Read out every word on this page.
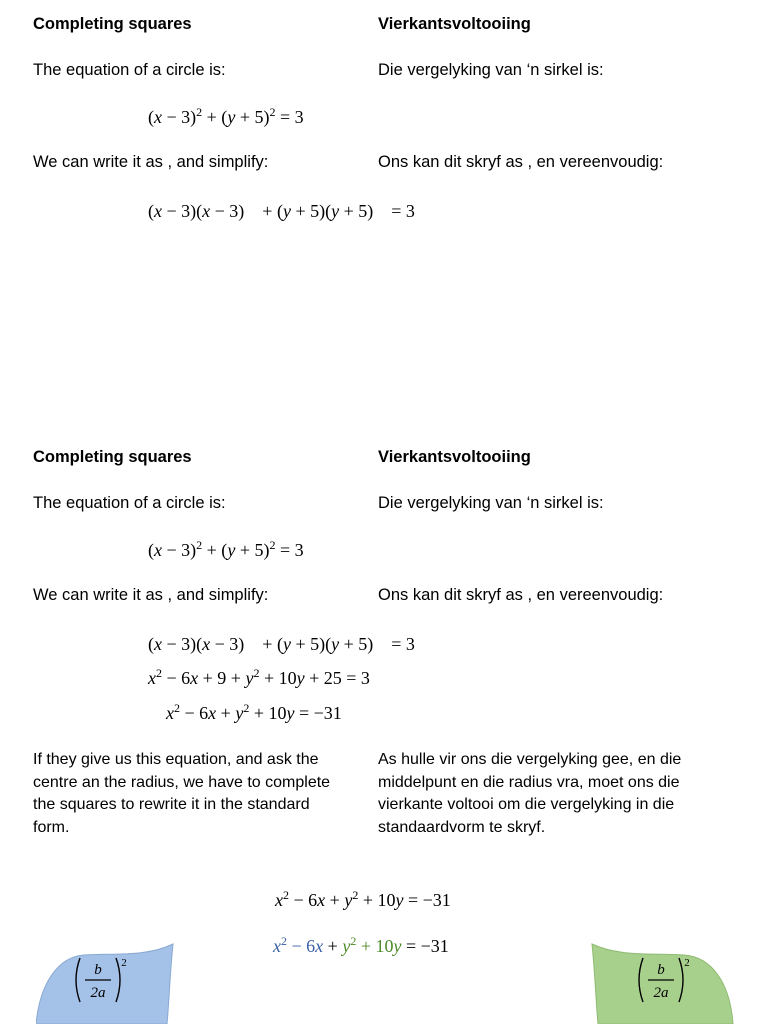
Completing squares	Vierkantsvoltooiing
The equation of a circle is:	Die vergelyking van ‘n sirkel is:
$(x - 3)^2 + (y + 5)^2 = 3$
We can write it as , and simplify:	Ons kan dit skryf as , en vereenvoudig:
(x − 3)(x − 3)    + (y + 5)(y + 5)    = 3
Completing squares	Vierkantsvoltooiing
The equation of a circle is:	Die vergelyking van ‘n sirkel is:
$(x - 3)^2 + (y + 5)^2 = 3$
We can write it as , and simplify:	Ons kan dit skryf as , en vereenvoudig:
(x − 3)(x − 3)    + (y + 5)(y + 5)    = 3
$x^2 - 6x + 9 + y^2 + 10y + 25 = 3$
$x^2 - 6x + y^2 + 10y = -31$
If they give us this equation, and ask the centre an the radius, we have to complete the squares to rewrite it in the standard form.
As hulle vir ons die vergelyking gee, en die middelpunt en die radius vra, moet ons die vierkante voltooi om die vergelyking in die standaardvorm te skryf.
$x^2 - 6x + y^2 + 10y = -31$
$x^2 - 6x + y^2 + 10y = -31$
b
2a
2	b
2a
2
